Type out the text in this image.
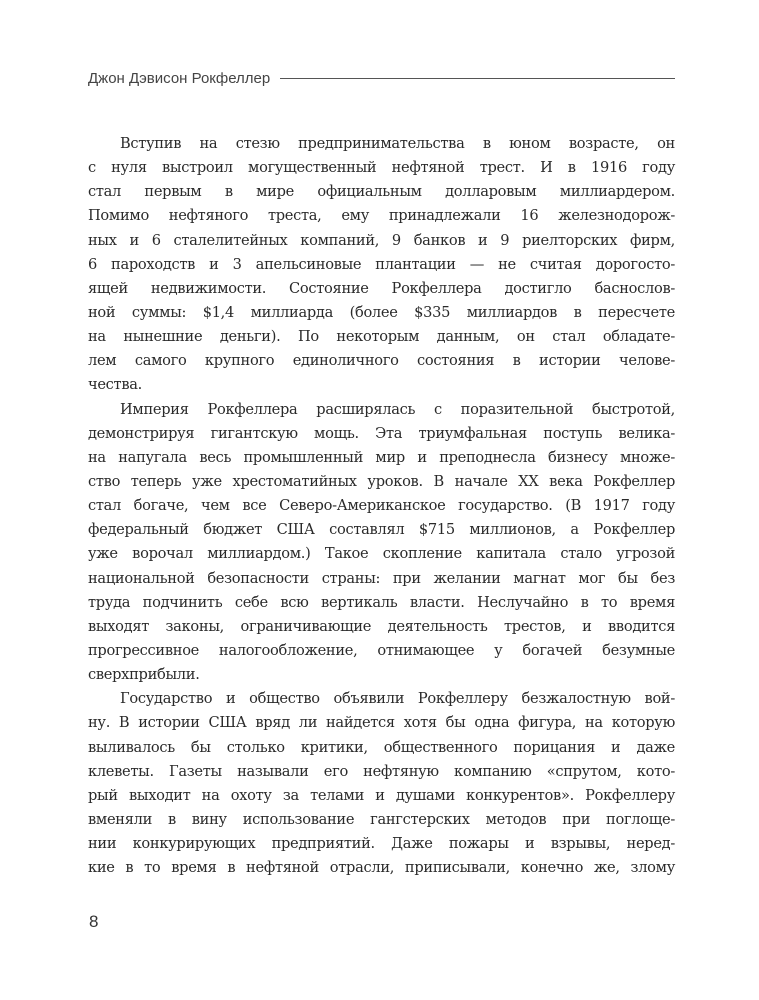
Джон Дэвисон Рокфеллер
Вступив на стезю предпринимательства в юном возрасте, он
с нуля выстроил могущественный нефтяной трест. И в 1916 году
стал первым в мире официальным долларовым миллиардером.
Помимо нефтяного треста, ему принадлежали 16 железнодорож-
ных и 6 сталелитейных компаний, 9 банков и 9 риелторских фирм,
6 пароходств и 3 апельсиновые плантации — не считая дорогосто-
ящей недвижимости. Состояние Рокфеллера достигло баснослов-
ной суммы: $1,4 миллиарда (более $335 миллиардов в пересчете
на нынешние деньги). По некоторым данным, он стал обладате-
лем самого крупного единоличного состояния в истории челове-
чества.
Империя Рокфеллера расширялась с поразительной быстротой,
демонстрируя гигантскую мощь. Эта триумфальная поступь велика-
на напугала весь промышленный мир и преподнесла бизнесу множе-
ство теперь уже хрестоматийных уроков. В начале XX века Рокфеллер
стал богаче, чем все Северо-Американское государство. (В 1917 году
федеральный бюджет США составлял $715 миллионов, а Рокфеллер
уже ворочал миллиардом.) Такое скопление капитала стало угрозой
национальной безопасности страны: при желании магнат мог бы без
труда подчинить себе всю вертикаль власти. Неслучайно в то время
выходят законы, ограничивающие деятельность трестов, и вводится
прогрессивное налогообложение, отнимающее у богачей безумные
сверхприбыли.
Государство и общество объявили Рокфеллеру безжалостную вой-
ну. В истории США вряд ли найдется хотя бы одна фигура, на которую
выливалось бы столько критики, общественного порицания и даже
клеветы. Газеты называли его нефтяную компанию «спрутом, кото-
рый выходит на охоту за телами и душами конкурентов». Рокфеллеру
вменяли в вину использование гангстерских методов при поглоще-
нии конкурирующих предприятий. Даже пожары и взрывы, неред-
кие в то время в нефтяной отрасли, приписывали, конечно же, злому
8
